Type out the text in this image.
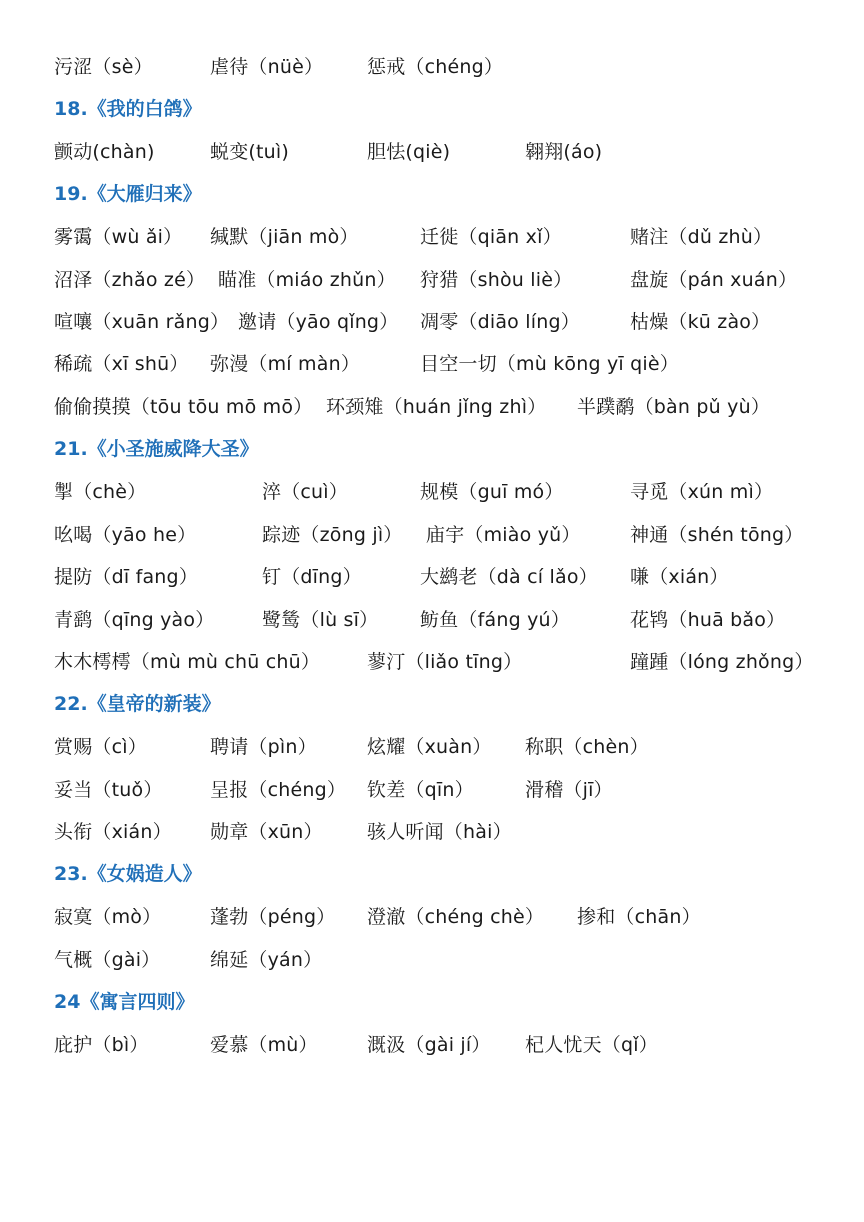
污涩（sè）	虐待（nüè） 惩戒（chéng）
18.《我的白鸽》
颤动(chàn)	蜕变(tuì)	胆怯(qiè)	翱翔(áo)
19.《大雁归来》
雾霭（wù ǎi） 缄默（jiān mò）	迁徙（qiān xǐ）	赌注（dǔ zhù）
沼泽（zhǎo zé） 瞄准（miáo zhǔn） 狩猎（shòu liè）	盘旋（pán xuán）
喧嚷（xuān rǎng） 邀请（yāo qǐng） 凋零（diāo líng）	枯燥（kū zào）
稀疏（xī shū） 弥漫（mí màn）	目空一切（mù kōng yī qiè）
偷偷摸摸（tōu tōu mō mō） 环颈雉（huán jǐng zhì） 半蹼鹬（bàn pǔ yù）
21.《小圣施威降大圣》
掣（chè）	淬（cuì）	规模（guī mó）	寻觅（xún mì）
吆喝（yāo he）	踪迹（zōng jì） 庙宇（miào yǔ）	神通（shén tōng）
提防（dī fang）	钉（dīng）	大鹚老（dà cí lǎo） 嗛（xián）
青鹞（qīng yào）	鹭鸶（lù sī） 鲂鱼（fáng yú）	花鸨（huā bǎo）
木木樗樗（mù mù chū chū） 蓼汀（liǎo tīng）	蹱踵（lóng zhǒng）
22.《皇帝的新装》
赏赐（cì）	聘请（pìn）	炫耀（xuàn） 称职（chèn）
妥当（tuǒ） 呈报（chéng） 钦差（qīn）	滑稽（jī）
头衔（xián） 勋章（xūn） 骇人听闻（hài）
23.《女娲造人》
寂寞（mò）	蓬勃（péng） 澄澈（chéng chè） 掺和（chān）
气概（gài）	绵延（yán）
24《寓言四则》
庇护（bì）	爱慕（mù）	溉汲（gài jí） 杞人忧天（qǐ）
